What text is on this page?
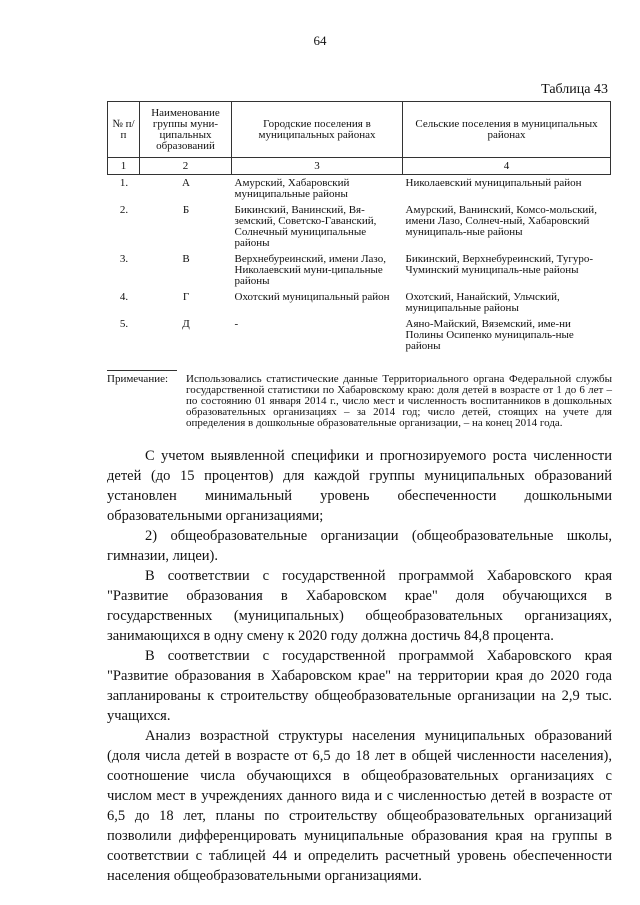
64
Таблица 43
№ п/п	Наименование группы муни-ципальных образований	Городские поселения в муниципальных районах	Сельские поселения в муниципальных районах
1	2	3	4
1.	А	Амурский, Хабаровский муниципальные районы	Николаевский муниципальный район
2.	Б	Бикинский, Ванинский, Вя-земский, Советско-Гаванский, Солнечный муниципальные районы	Амурский, Ванинский, Комсо-мольский, имени Лазо, Солнеч-ный, Хабаровский муниципаль-ные районы
3.	В	Верхнебуреинский, имени Лазо, Николаевский муни-ципальные районы	Бикинский, Верхнебуреинский, Тугуро-Чуминский муниципаль-ные районы
4.	Г	Охотский муниципальный район	Охотский, Нанайский, Ульчский, муниципальные районы
5.	Д	-	Аяно-Майский, Вяземский, име-ни Полины Осипенко муниципаль-ные районы
Примечание: Использовались статистические данные Территориального органа Федеральной службы государственной статистики по Хабаровскому краю: доля детей в возрасте от 1 до 6 лет – по состоянию 01 января 2014 г., число мест и численность воспитанников в дошкольных образовательных организациях – за 2014 год; число детей, стоящих на учете для определения в дошкольные образовательные организации, – на конец 2014 года.

С учетом выявленной специфики и прогнозируемого роста численности детей (до 15 процентов) для каждой группы муниципальных образований установлен минимальный уровень обеспеченности дошкольными образовательными организациями;

2) общеобразовательные организации (общеобразовательные школы, гимназии, лицеи).

В соответствии с государственной программой Хабаровского края "Развитие образования в Хабаровском крае" доля обучающихся в государственных (муниципальных) общеобразовательных организациях, занимающихся в одну смену к 2020 году должна достичь 84,8 процента.

В соответствии с государственной программой Хабаровского края "Развитие образования в Хабаровском крае" на территории края до 2020 года запланированы к строительству общеобразовательные организации на 2,9 тыс. учащихся.

Анализ возрастной структуры населения муниципальных образований (доля числа детей в возрасте от 6,5 до 18 лет в общей численности населения), соотношение числа обучающихся в общеобразовательных организациях с числом мест в учреждениях данного вида и с численностью детей в возрасте от 6,5 до 18 лет, планы по строительству общеобразовательных организаций позволили дифференцировать муниципальные образования края на группы в соответствии с таблицей 44 и определить расчетный уровень обеспеченности населения общеобразовательными организациями.
